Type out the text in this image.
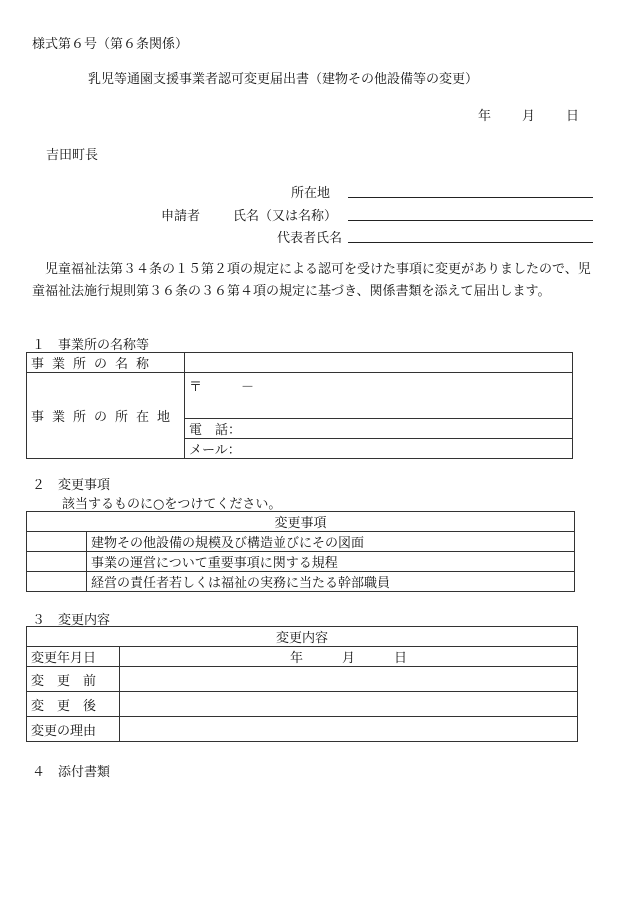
様式第６号（第６条関係）
乳児等通園支援事業者認可変更届出書（建物その他設備等の変更）
年 月 日
吉田町長
所在地
申請者	氏名（又は名称）
代表者氏名
児童福祉法第３４条の１５第２項の規定による認可を受けた事項に変更がありましたので、児童福祉法施行規則第３６条の３６第４項の規定に基づき、関係書類を添えて届出します。
１　事業所の名称等
事業所の名称	
事業所の所在地	〒　　　－
	電　話：
	メール：
２　変更事項
該当するものに○をつけてください。
変更事項	
	建物その他設備の規模及び構造並びにその図面
	事業の運営について重要事項に関する規程
	経営の責任者若しくは福祉の実務に当たる幹部職員
３　変更内容
変更内容	
変更年月日	年　　　月　　　日
変　更　前	
変　更　後	
変更の理由	
４　添付書類
